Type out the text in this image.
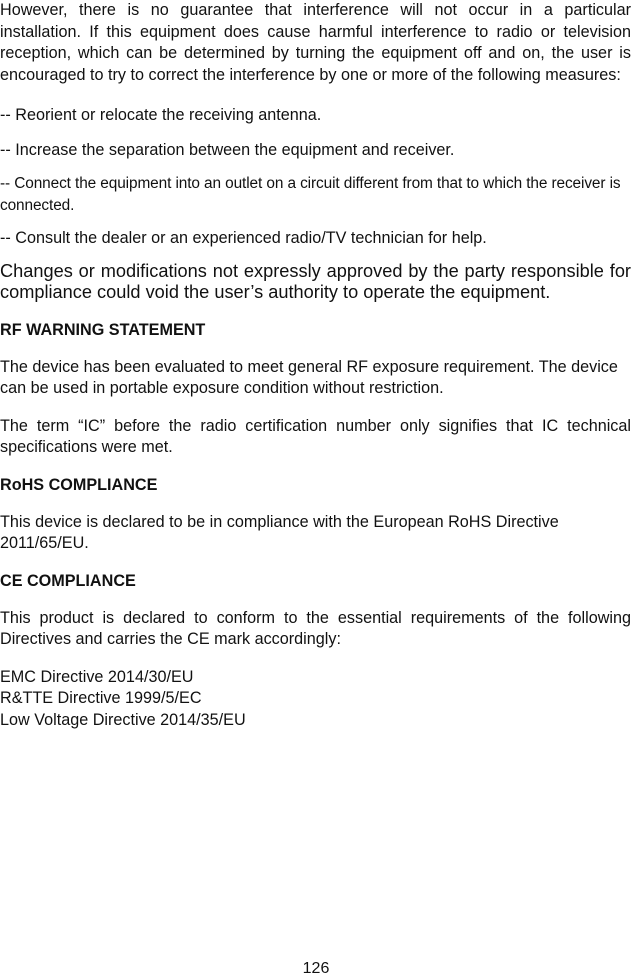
However, there is no guarantee that interference will not occur in a particular installation. If this equipment does cause harmful interference to radio or television reception, which can be determined by turning the equipment off and on, the user is encouraged to try to correct the interference by one or more of the following measures:

-- Reorient or relocate the receiving antenna.

-- Increase the separation between the equipment and receiver.

-- Connect the equipment into an outlet on a circuit different from that to which the receiver is connected.

-- Consult the dealer or an experienced radio/TV technician for help.

Changes or modifications not expressly approved by the party responsible for compliance could void the user’s authority to operate the equipment.

RF WARNING STATEMENT

The device has been evaluated to meet general RF exposure requirement. The device can be used in portable exposure condition without restriction.

The term “IC” before the radio certification number only signifies that IC technical specifications were met.

RoHS COMPLIANCE

This device is declared to be in compliance with the European RoHS Directive 2011/65/EU.

CE COMPLIANCE

This product is declared to conform to the essential requirements of the following Directives and carries the CE mark accordingly:

EMC Directive 2014/30/EU

R&TTE Directive 1999/5/EC

Low Voltage Directive 2014/35/EU

126
